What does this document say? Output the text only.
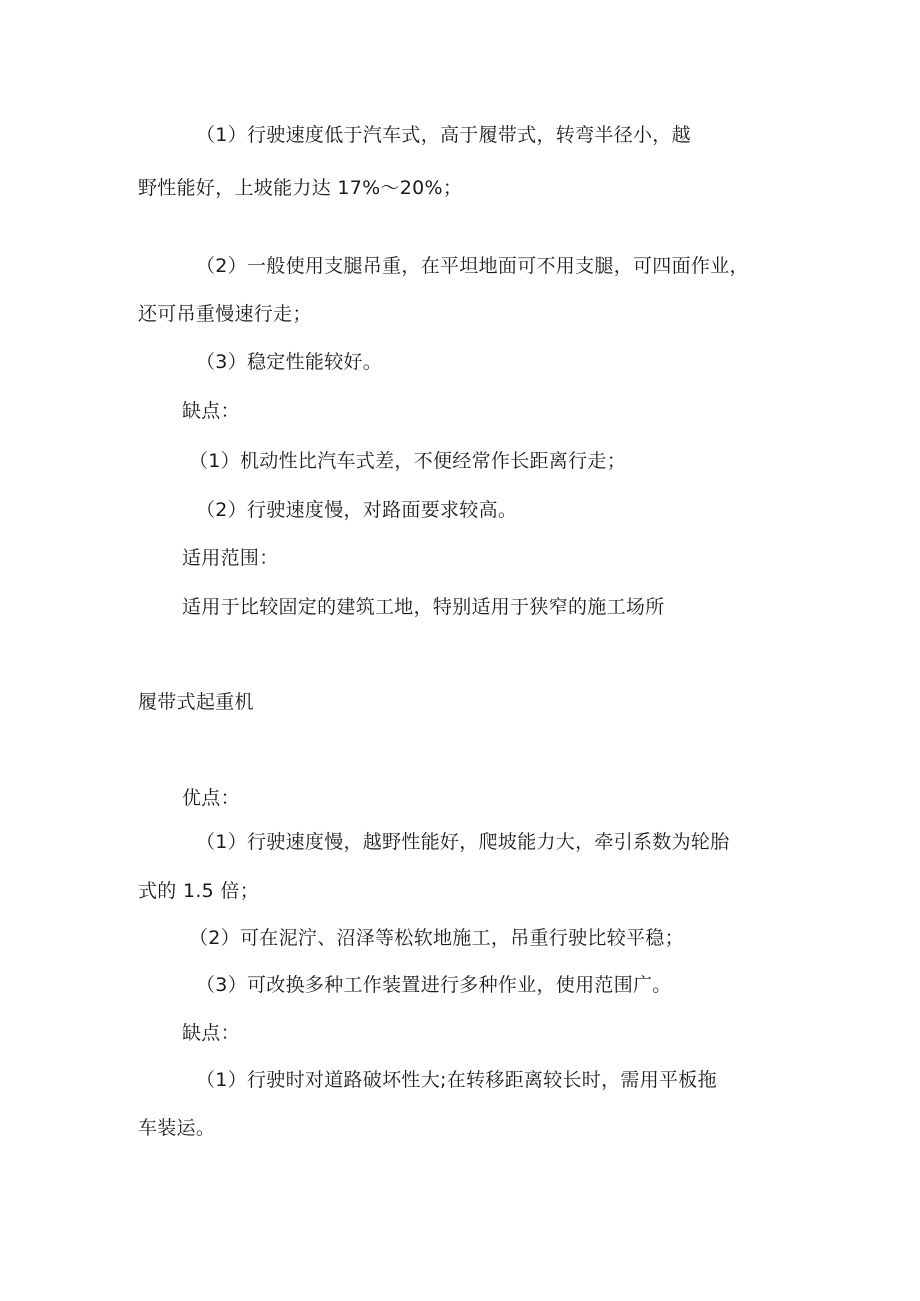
（1）行驶速度低于汽车式，高于履带式，转弯半径小，越
野性能好，上坡能力达 17%～20%；
（2）一般使用支腿吊重，在平坦地面可不用支腿，可四面作业，
还可吊重慢速行走；
（3）稳定性能较好。
缺点：
（1）机动性比汽车式差，不便经常作长距离行走；
（2）行驶速度慢，对路面要求较高。
适用范围：
适用于比较固定的建筑工地，特别适用于狭窄的施工场所
履带式起重机
优点：
（1）行驶速度慢，越野性能好，爬坡能力大，牵引系数为轮胎
式的 1.5 倍；
（2）可在泥泞、沼泽等松软地施工，吊重行驶比较平稳；
（3）可改换多种工作装置进行多种作业，使用范围广。
缺点：
（1）行驶时对道路破坏性大;在转移距离较长时，需用平板拖
车装运。
